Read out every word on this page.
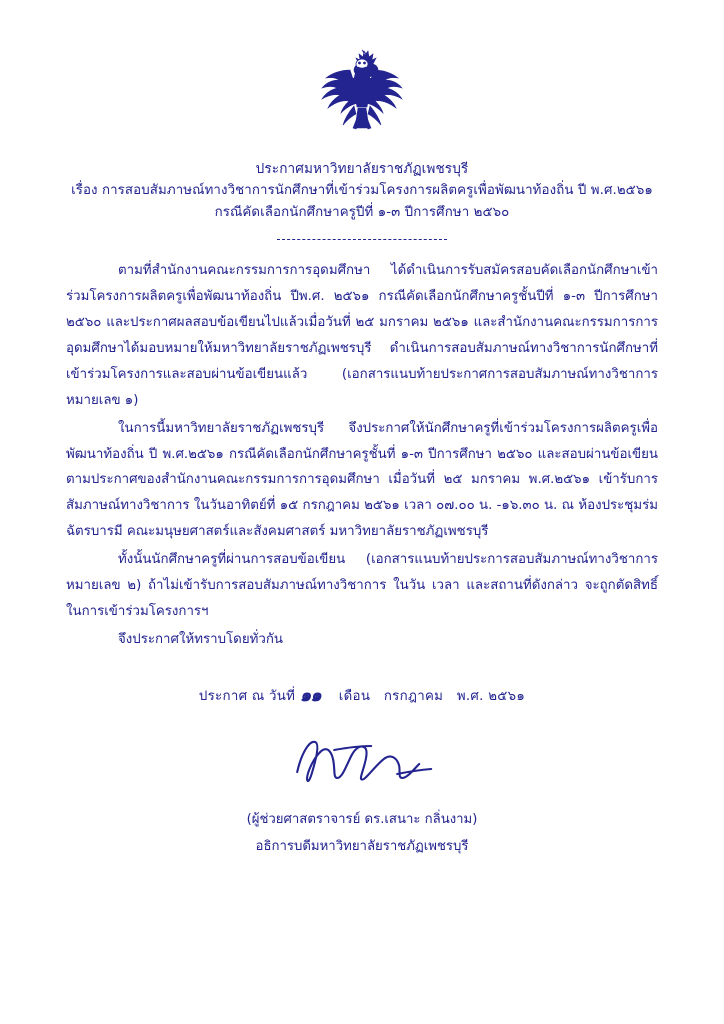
ประกาศมหาวิทยาลัยราชภัฏเพชรบุรี
เรื่อง การสอบสัมภาษณ์ทางวิชาการนักศึกษาที่เข้าร่วมโครงการผลิตครูเพื่อพัฒนาท้องถิ่น ปี พ.ศ.๒๕๖๑
กรณีคัดเลือกนักศึกษาครูปีที่ ๑-๓ ปีการศึกษา ๒๕๖๐

ตามที่สำนักงานคณะกรรมการการอุดมศึกษา ได้ดำเนินการรับสมัครสอบคัดเลือกนักศึกษาเข้าร่วมโครงการผลิตครูเพื่อพัฒนาท้องถิ่น ปีพ.ศ. ๒๕๖๑ กรณีคัดเลือกนักศึกษาครูชั้นปีที่ ๑-๓ ปีการศึกษา ๒๕๖๐ และประกาศผลสอบข้อเขียนไปแล้วเมื่อวันที่ ๒๕ มกราคม ๒๕๖๑ และสำนักงานคณะกรรมการการอุดมศึกษาได้มอบหมายให้มหาวิทยาลัยราชภัฏเพชรบุรี ดำเนินการสอบสัมภาษณ์ทางวิชาการนักศึกษาที่เข้าร่วมโครงการและสอบผ่านข้อเขียนแล้ว (เอกสารแนบท้ายประกาศการสอบสัมภาษณ์ทางวิชาการ หมายเลข ๑)

ในการนี้มหาวิทยาลัยราชภัฏเพชรบุรี จึงประกาศให้นักศึกษาครูที่เข้าร่วมโครงการผลิตครูเพื่อพัฒนาท้องถิ่น ปี พ.ศ.๒๕๖๑ กรณีคัดเลือกนักศึกษาครูชั้นที่ ๑-๓ ปีการศึกษา ๒๕๖๐ และสอบผ่านข้อเขียนตามประกาศของสำนักงานคณะกรรมการการอุดมศึกษา เมื่อวันที่ ๒๕ มกราคม พ.ศ.๒๕๖๑ เข้ารับการสัมภาษณ์ทางวิชาการ ในวันอาทิตย์ที่ ๑๕ กรกฎาคม ๒๕๖๑ เวลา ๐๗.๐๐ น. -๑๖.๓๐ น. ณ ห้องประชุมร่มฉัตรบารมี คณะมนุษยศาสตร์และสังคมศาสตร์ มหาวิทยาลัยราชภัฏเพชรบุรี

ทั้งนั้นนักศึกษาครูที่ผ่านการสอบข้อเขียน (เอกสารแนบท้ายประการสอบสัมภาษณ์ทางวิชาการ หมายเลข ๒) ถ้าไม่เข้ารับการสอบสัมภาษณ์ทางวิชาการ ในวัน เวลา และสถานที่ดังกล่าว จะถูกตัดสิทธิ์ในการเข้าร่วมโครงการฯ

จึงประกาศให้ทราบโดยทั่วกัน

ประกาศ ณ วันที่ ๑๑ เดือน กรกฎาคม พ.ศ. ๒๕๖๑
(ผู้ช่วยศาสตราจารย์ ดร.เสนาะ กลิ่นงาม)
อธิการบดีมหาวิทยาลัยราชภัฏเพชรบุรี
